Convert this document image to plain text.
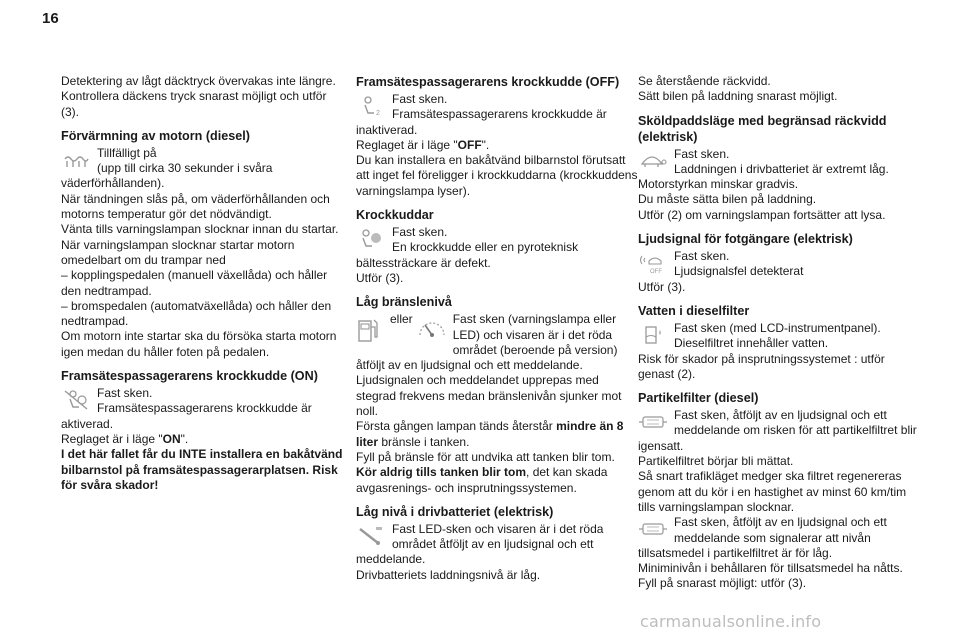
16

Detektering av lågt däcktryck övervakas inte längre.

Kontrollera däckens tryck snarast möjligt och utför (3).

Förvärmning av motorn (diesel)

Tillfälligt på

(upp till cirka 30 sekunder i svåra väderförhållanden).

När tändningen slås på, om väderförhållanden och motorns temperatur gör det nödvändigt.

Vänta tills varningslampan slocknar innan du startar.

När varningslampan slocknar startar motorn omedelbart om du trampar ned

– kopplingspedalen (manuell växellåda) och håller den nedtrampad.

– bromspedalen (automatväxellåda) och håller den nedtrampad.

Om motorn inte startar ska du försöka starta motorn igen medan du håller foten på pedalen.

Framsätespassagerarens krockkudde (ON)

Fast sken.

Framsätespassagerarens krockkudde är aktiverad.

Reglaget är i läge "ON".

I det här fallet får du INTE installera en bakåtvänd bilbarnstol på framsätespassagerarplatsen. Risk för svåra skador!

Framsätespassagerarens krockkudde (OFF)
2

Fast sken.

Framsätespassagerarens krockkudde är inaktiverad.

Reglaget är i läge "OFF".

Du kan installera en bakåtvänd bilbarnstol förutsatt att inget fel föreligger i krockkuddarna (krockkuddens varningslampa lyser).

Krockkuddar

Fast sken.

En krockkudde eller en pyroteknisk bältessträckare är defekt.

Utför (3).

Låg bränslenivå
eller	Fast sken (varningslampa eller LED) och visaren är i det röda området (beroende på version) åtföljt av en ljudsignal och ett meddelande.

Ljudsignalen och meddelandet upprepas med stegrad frekvens medan bränslenivån sjunker mot noll.

Första gången lampan tänds återstår mindre än 8 liter bränsle i tanken.

Fyll på bränsle för att undvika att tanken blir tom.

Kör aldrig tills tanken blir tom, det kan skada avgasrenings- och insprutningssystemen.

Låg nivå i drivbatteriet (elektrisk)

Fast LED-sken och visaren är i det röda området åtföljt av en ljudsignal och ett meddelande.

Drivbatteriets laddningsnivå är låg.

Se återstående räckvidd.

Sätt bilen på laddning snarast möjligt.

Sköldpaddsläge med begränsad räckvidd (elektrisk)

Fast sken.

Laddningen i drivbatteriet är extremt låg.

Motorstyrkan minskar gradvis.

Du måste sätta bilen på laddning.

Utför (2) om varningslampan fortsätter att lysa.

Ljudsignal för fotgängare (elektrisk)
OFF

Fast sken.

Ljudsignalsfel detekterat

Utför (3).

Vatten i dieselfilter

Fast sken (med LCD-instrumentpanel).

Dieselfiltret innehåller vatten.

Risk för skador på insprutningssystemet : utför genast (2).

Partikelfilter (diesel)

Fast sken, åtföljt av en ljudsignal och ett meddelande om risken för att partikelfiltret blir igensatt.

Partikelfiltret börjar bli mättat.

Så snart trafikläget medger ska filtret regenereras genom att du kör i en hastighet av minst 60 km/tim tills varningslampan slocknar.

Fast sken, åtföljt av en ljudsignal och ett meddelande som signalerar att nivån tillsatsmedel i partikelfiltret är för låg.

Miniminivån i behållaren för tillsatsmedel ha nåtts.

Fyll på snarast möjligt: utför (3).

carmanualsonline.info
